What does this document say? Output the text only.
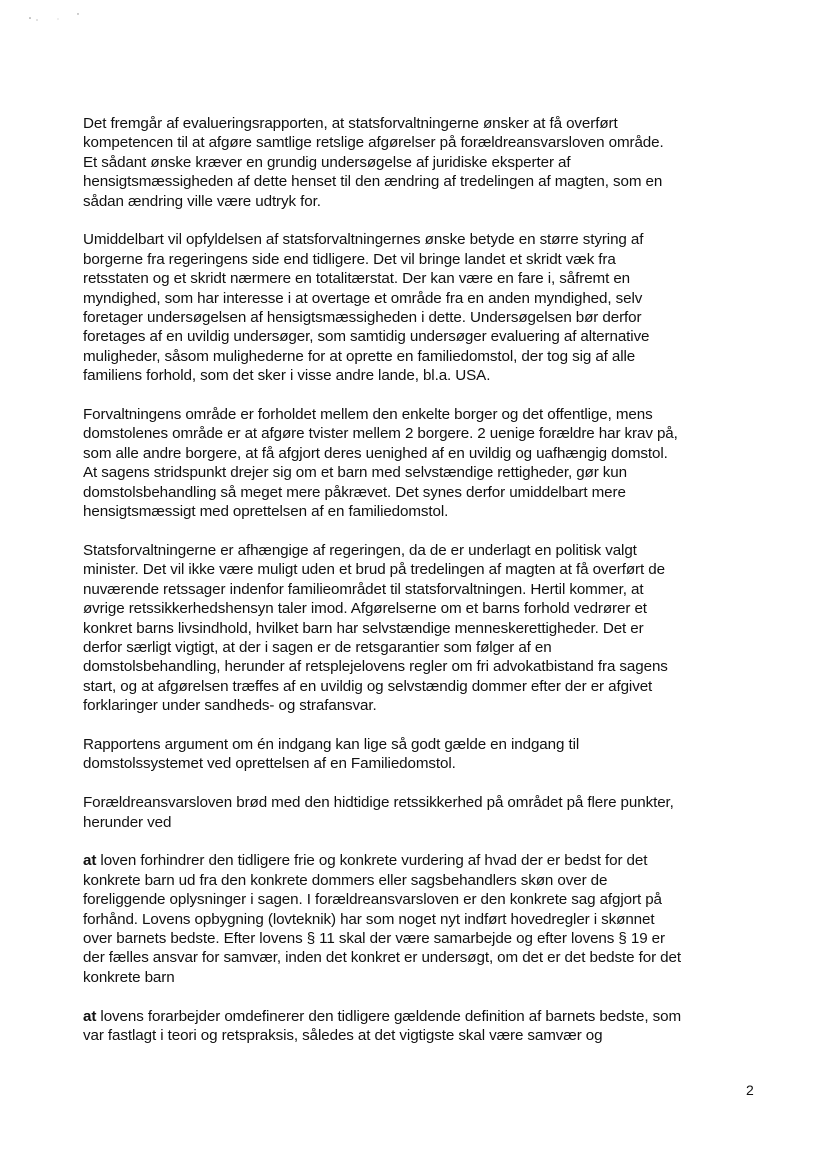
Det fremgår af evalueringsrapporten, at statsforvaltningerne ønsker at få overført
kompetencen til at afgøre samtlige retslige afgørelser på forældreansvarsloven område.
Et sådant ønske kræver en grundig undersøgelse af juridiske eksperter af
hensigtsmæssigheden af dette henset til den ændring af tredelingen af magten, som en
sådan ændring ville være udtryk for.

Umiddelbart vil opfyldelsen af statsforvaltningernes ønske betyde en større styring af
borgerne fra regeringens side end tidligere. Det vil bringe landet et skridt væk fra
retsstaten og et skridt nærmere en totalitærstat. Der kan være en fare i, såfremt en
myndighed, som har interesse i at overtage et område fra en anden myndighed, selv
foretager undersøgelsen af hensigtsmæssigheden i dette. Undersøgelsen bør derfor
foretages af en uvildig undersøger, som samtidig undersøger evaluering af alternative
muligheder, såsom mulighederne for at oprette en familiedomstol, der tog sig af alle
familiens forhold, som det sker i visse andre lande, bl.a. USA.

Forvaltningens område er forholdet mellem den enkelte borger og det offentlige, mens
domstolenes område er at afgøre tvister mellem 2 borgere. 2 uenige forældre har krav på,
som alle andre borgere, at få afgjort deres uenighed af en uvildig og uafhængig domstol.
At sagens stridspunkt drejer sig om et barn med selvstændige rettigheder, gør kun
domstolsbehandling så meget mere påkrævet. Det synes derfor umiddelbart mere
hensigtsmæssigt med oprettelsen af en familiedomstol.

Statsforvaltningerne er afhængige af regeringen, da de er underlagt en politisk valgt
minister. Det vil ikke være muligt uden et brud på tredelingen af magten at få overført de
nuværende retssager indenfor familieområdet til statsforvaltningen. Hertil kommer, at
øvrige retssikkerhedshensyn taler imod. Afgørelserne om et barns forhold vedrører et
konkret barns livsindhold, hvilket barn har selvstændige menneskerettigheder. Det er
derfor særligt vigtigt, at der i sagen er de retsgarantier som følger af en
domstolsbehandling, herunder af retsplejelovens regler om fri advokatbistand fra sagens
start, og at afgørelsen træffes af en uvildig og selvstændig dommer efter der er afgivet
forklaringer under sandheds- og strafansvar.

Rapportens argument om én indgang kan lige så godt gælde en indgang til
domstolssystemet ved oprettelsen af en Familiedomstol.

Forældreansvarsloven brød med den hidtidige retssikkerhed på området på flere punkter,
herunder ved

at loven forhindrer den tidligere frie og konkrete vurdering af hvad der er bedst for det
konkrete barn ud fra den konkrete dommers eller sagsbehandlers skøn over de
foreliggende oplysninger i sagen. I forældreansvarsloven er den konkrete sag afgjort på
forhånd. Lovens opbygning (lovteknik) har som noget nyt indført hovedregler i skønnet
over barnets bedste. Efter lovens § 11 skal der være samarbejde og efter lovens § 19 er
der fælles ansvar for samvær, inden det konkret er undersøgt, om det er det bedste for det
konkrete barn

at lovens forarbejder omdefinerer den tidligere gældende definition af barnets bedste, som
var fastlagt i teori og retspraksis, således at det vigtigste skal være samvær og

2
